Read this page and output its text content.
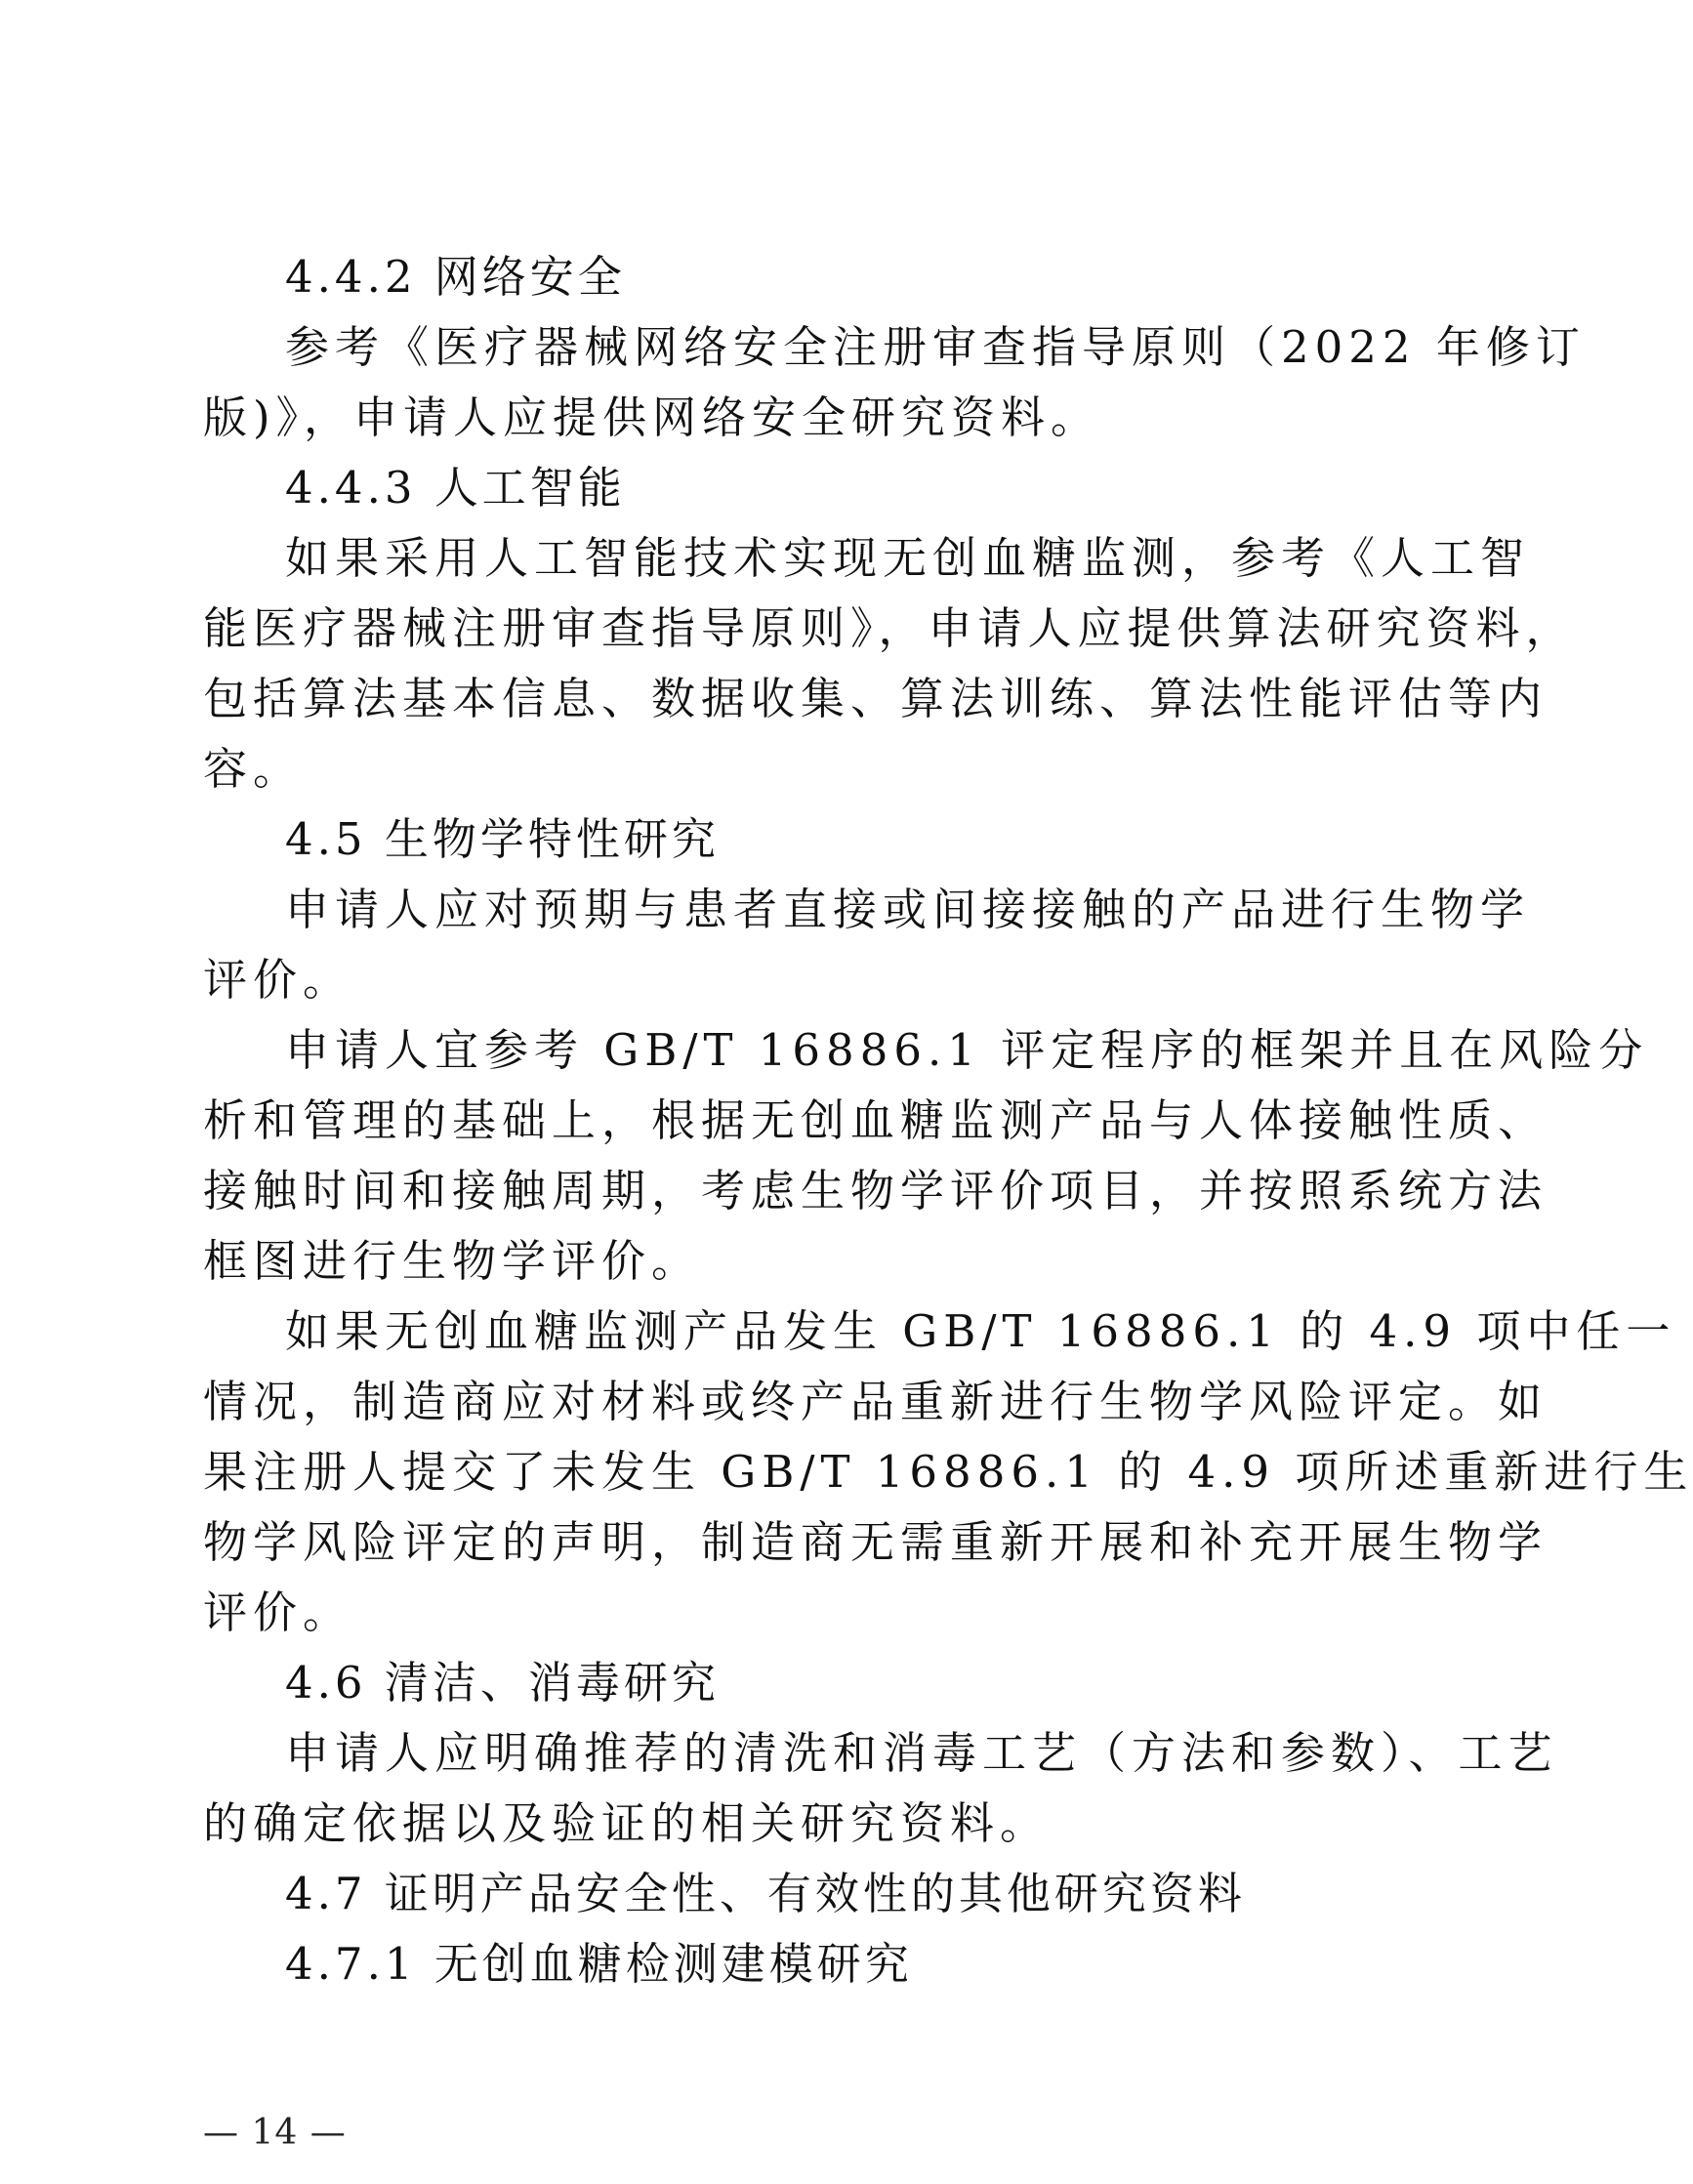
4.4.2 网络安全
参考《医疗器械网络安全注册审查指导原则（2022 年修订
版)》，申请人应提供网络安全研究资料。
4.4.3 人工智能
如果采用人工智能技术实现无创血糖监测，参考《人工智
能医疗器械注册审查指导原则》，申请人应提供算法研究资料，
包括算法基本信息、数据收集、算法训练、算法性能评估等内
容。
4.5 生物学特性研究
申请人应对预期与患者直接或间接接触的产品进行生物学
评价。
申请人宜参考 GB/T 16886.1 评定程序的框架并且在风险分
析和管理的基础上，根据无创血糖监测产品与人体接触性质、
接触时间和接触周期，考虑生物学评价项目，并按照系统方法
框图进行生物学评价。
如果无创血糖监测产品发生 GB/T 16886.1 的 4.9 项中任一
情况，制造商应对材料或终产品重新进行生物学风险评定。如
果注册人提交了未发生 GB/T 16886.1 的 4.9 项所述重新进行生
物学风险评定的声明，制造商无需重新开展和补充开展生物学
评价。
4.6 清洁、消毒研究
申请人应明确推荐的清洗和消毒工艺（方法和参数）、工艺
的确定依据以及验证的相关研究资料。
4.7 证明产品安全性、有效性的其他研究资料
4.7.1 无创血糖检测建模研究
— 14 —
